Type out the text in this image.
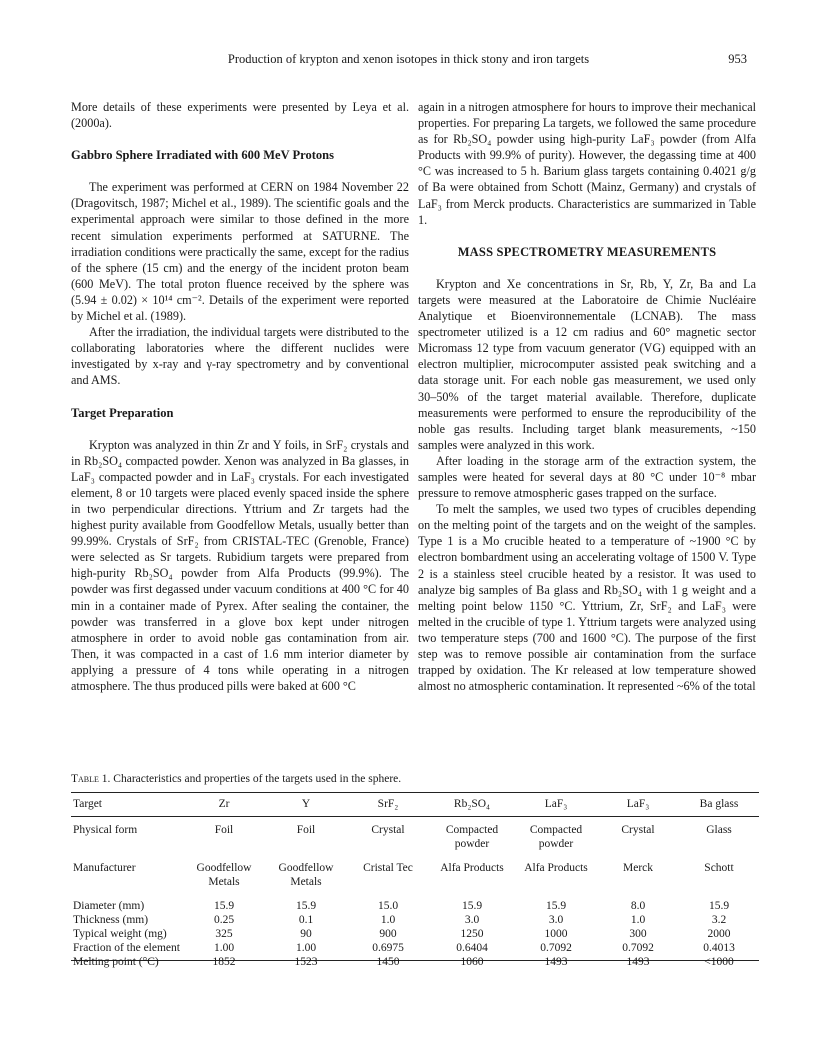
Production of krypton and xenon isotopes in thick stony and iron targets	953

More details of these experiments were presented by Leya et al. (2000a).

Gabbro Sphere Irradiated with 600 MeV Protons

The experiment was performed at CERN on 1984 November 22 (Dragovitsch, 1987; Michel et al., 1989). The scientific goals and the experimental approach were similar to those defined in the more recent simulation experiments performed at SATURNE. The irradiation conditions were practically the same, except for the radius of the sphere (15 cm) and the energy of the incident proton beam (600 MeV). The total proton fluence received by the sphere was (5.94 ± 0.02) × 10¹⁴ cm⁻². Details of the experiment were reported by Michel et al. (1989).

After the irradiation, the individual targets were distributed to the collaborating laboratories where the different nuclides were investigated by x-ray and γ-ray spectrometry and by conventional and AMS.

Target Preparation

Krypton was analyzed in thin Zr and Y foils, in SrF₂ crystals and in Rb₂SO₄ compacted powder. Xenon was analyzed in Ba glasses, in LaF₃ compacted powder and in LaF₃ crystals. For each investigated element, 8 or 10 targets were placed evenly spaced inside the sphere in two perpendicular directions. Yttrium and Zr targets had the highest purity available from Goodfellow Metals, usually better than 99.99%. Crystals of SrF₂ from CRISTAL-TEC (Grenoble, France) were selected as Sr targets. Rubidium targets were prepared from high-purity Rb₂SO₄ powder from Alfa Products (99.9%). The powder was first degassed under vacuum conditions at 400 °C for 40 min in a container made of Pyrex. After sealing the container, the powder was transferred in a glove box kept under nitrogen atmosphere in order to avoid noble gas contamination from air. Then, it was compacted in a cast of 1.6 mm interior diameter by applying a pressure of 4 tons while operating in a nitrogen atmosphere. The thus produced pills were baked at 600 °C

again in a nitrogen atmosphere for hours to improve their mechanical properties. For preparing La targets, we followed the same procedure as for Rb₂SO₄ powder using high-purity LaF₃ powder (from Alfa Products with 99.9% of purity). However, the degassing time at 400 °C was increased to 5 h. Barium glass targets containing 0.4021 g/g of Ba were obtained from Schott (Mainz, Germany) and crystals of LaF₃ from Merck products. Characteristics are summarized in Table 1.

MASS SPECTROMETRY MEASUREMENTS

Krypton and Xe concentrations in Sr, Rb, Y, Zr, Ba and La targets were measured at the Laboratoire de Chimie Nucléaire Analytique et Bioenvironnementale (LCNAB). The mass spectrometer utilized is a 12 cm radius and 60° magnetic sector Micromass 12 type from vacuum generator (VG) equipped with an electron multiplier, microcomputer assisted peak switching and a data storage unit. For each noble gas measurement, we used only 30–50% of the target material available. Therefore, duplicate measurements were performed to ensure the reproducibility of the noble gas results. Including target blank measurements, ~150 samples were analyzed in this work.

After loading in the storage arm of the extraction system, the samples were heated for several days at 80 °C under 10⁻⁸ mbar pressure to remove atmospheric gases trapped on the surface.

To melt the samples, we used two types of crucibles depending on the melting point of the targets and on the weight of the samples. Type 1 is a Mo crucible heated to a temperature of ~1900 °C by electron bombardment using an accelerating voltage of 1500 V. Type 2 is a stainless steel crucible heated by a resistor. It was used to analyze big samples of Ba glass and Rb₂SO₄ with 1 g weight and a melting point below 1150 °C. Yttrium, Zr, SrF₂ and LaF₃ were melted in the crucible of type 1. Yttrium targets were analyzed using two temperature steps (700 and 1600 °C). The purpose of the first step was to remove possible air contamination from the surface trapped by oxidation. The Kr released at low temperature showed almost no atmospheric contamination. It represented ~6% of the total

Table 1. Characteristics and properties of the targets used in the sphere.
Target	Zr	Y	SrF₂	Rb₂SO₄	LaF₃	LaF₃	Ba glass

Physical form	Foil	Foil	Crystal	Compacted powder	Compacted powder	Crystal	Glass

Manufacturer	Goodfellow Metals	Goodfellow Metals	Cristal Tec	Alfa Products	Alfa Products	Merck	Schott

Diameter (mm)	15.9	15.9	15.0	15.9	15.9	8.0	15.9
Thickness (mm)	0.25	0.1	1.0	3.0	3.0	1.0	3.2
Typical weight (mg)	325	90	900	1250	1000	300	2000
Fraction of the element	1.00	1.00	0.6975	0.6404	0.7092	0.7092	0.4013
Melting point (°C)	1852	1523	1450	1060	1493	1493	<1000
